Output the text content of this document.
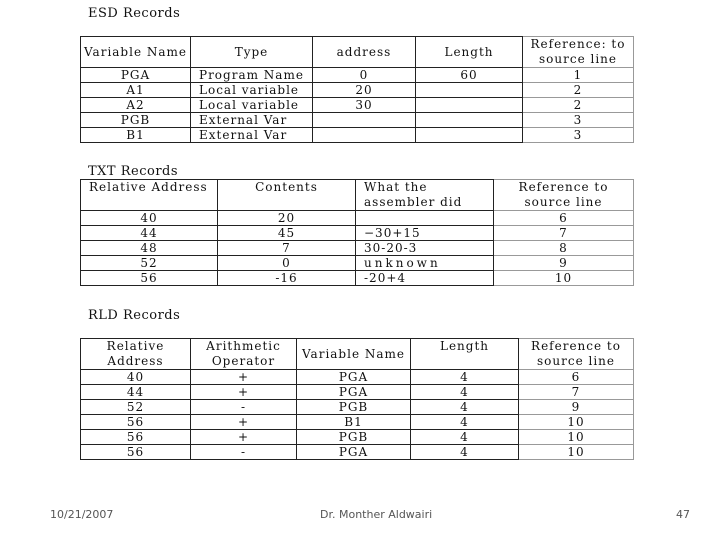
ESD Records
Variable Name	Type	address	Length	Reference: to source line
PGA	Program Name	0	60	1
A1	Local variable	20		2
A2	Local variable	30		2
PGB	External Var			3
B1	External Var			3
TXT Records
Relative Address	Contents	What the assembler did	Reference to source line
40	20		6
44	45	−30+15	7
48	7	30-20-3	8
52	0	unknown	9
56	-16	-20+4	10
RLD Records
Relative Address	Arithmetic Operator	Variable Name	Length	Reference to source line
40	+	PGA	4	6
44	+	PGA	4	7
52	-	PGB	4	9
56	+	B1	4	10
56	+	PGB	4	10
56	-	PGA	4	10
10/21/2007	Dr. Monther Aldwairi	47
